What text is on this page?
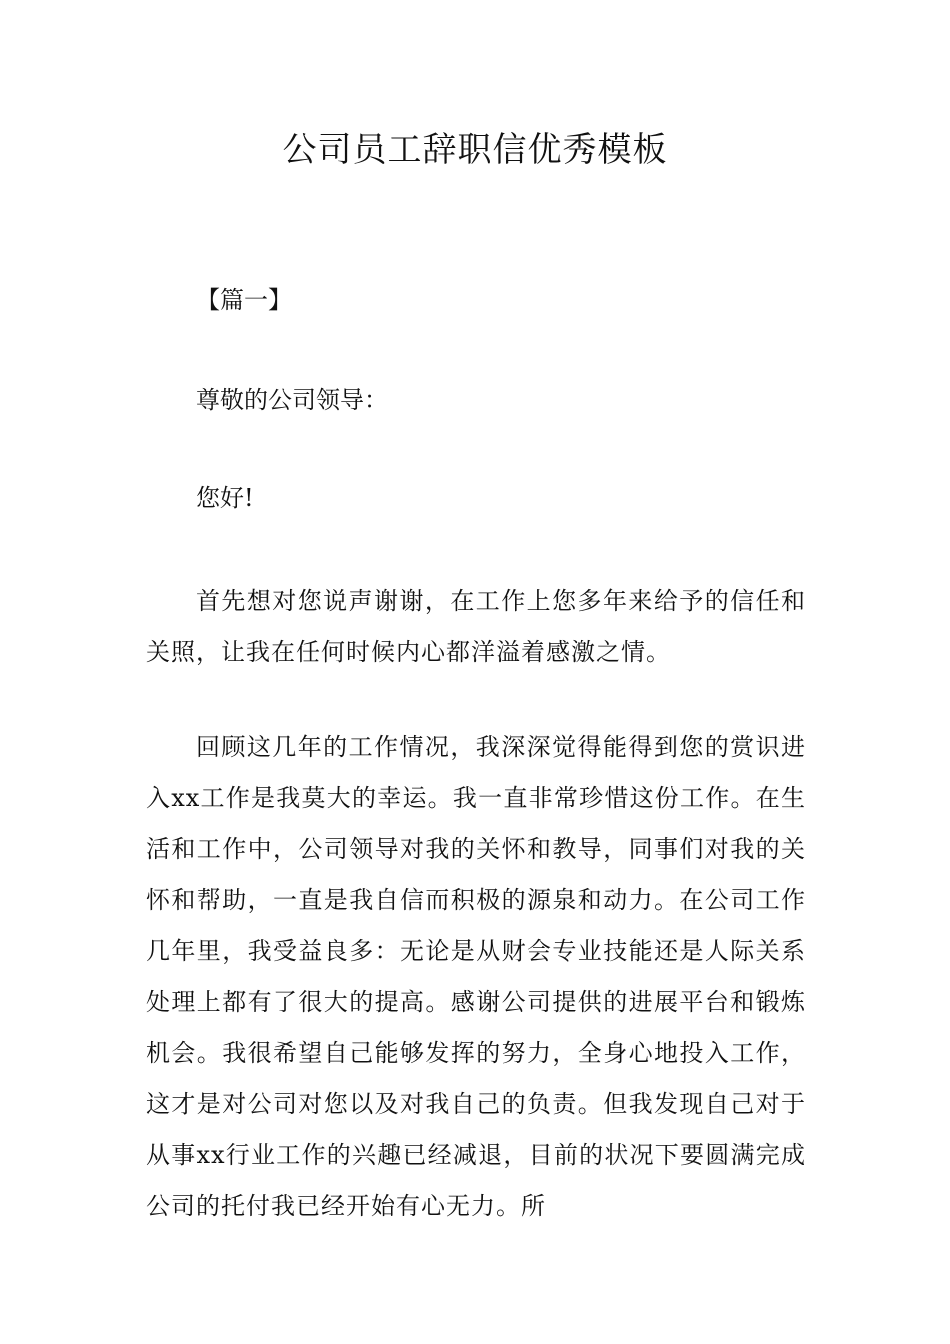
公司员工辞职信优秀模板
【篇一】
尊敬的公司领导：
您好!

首先想对您说声谢谢，在工作上您多年来给予的信任和关照，让我在任何时候内心都洋溢着感激之情。

回顾这几年的工作情况，我深深觉得能得到您的赏识进入xx工作是我莫大的幸运。我一直非常珍惜这份工作。在生活和工作中，公司领导对我的关怀和教导，同事们对我的关怀和帮助，一直是我自信而积极的源泉和动力。在公司工作几年里，我受益良多：无论是从财会专业技能还是人际关系处理上都有了很大的提高。感谢公司提供的进展平台和锻炼机会。我很希望自己能够发挥的努力，全身心地投入工作，这才是对公司对您以及对我自己的负责。但我发现自己对于从事xx行业工作的兴趣已经减退，目前的状况下要圆满完成公司的托付我已经开始有心无力。所
